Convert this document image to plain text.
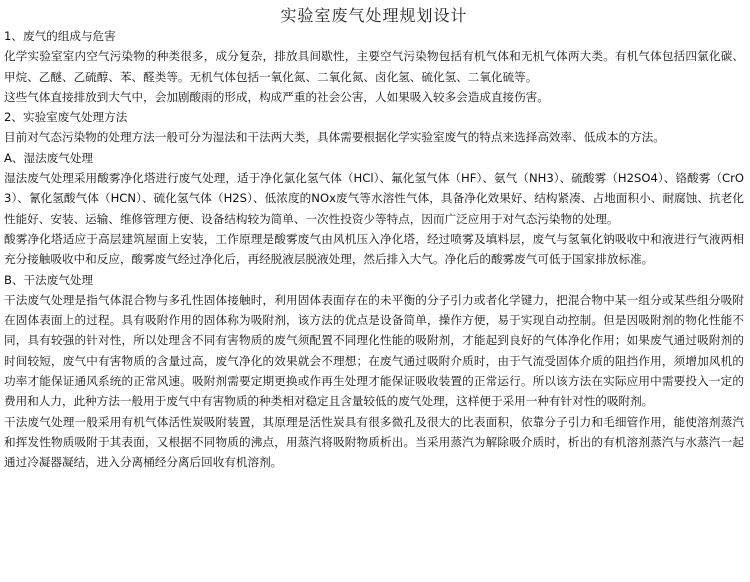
实验室废气处理规划设计
1、废气的组成与危害

化学实验室室内空气污染物的种类很多，成分复杂，排放具间歇性，主要空气污染物包括有机气体和无机气体两大类。有机气体包括四氯化碳、甲烷、乙醚、乙硫醇、苯、醛类等。无机气体包括一氧化氮、二氧化氮、卤化氢、硫化氢、二氧化硫等。

这些气体直接排放到大气中，会加剧酸雨的形成，构成严重的社会公害，人如果吸入较多会造成直接伤害。

2、实验室废气处理方法

目前对气态污染物的处理方法一般可分为湿法和干法两大类，具体需要根据化学实验室废气的特点来选择高效率、低成本的方法。

A、湿法废气处理

湿法废气处理采用酸雾净化塔进行废气处理，适于净化氯化氢气体（HCl）、氟化氢气体（HF）、氨气（NH3）、硫酸雾（H2SO4）、铬酸雾（CrO3）、氰化氢酸气体（HCN）、硫化氢气体（H2S）、低浓度的NOx废气等水溶性气体，具备净化效果好、结构紧凑、占地面积小、耐腐蚀、抗老化性能好、安装、运输、维修管理方便、设备结构较为简单、一次性投资少等特点，因而广泛应用于对气态污染物的处理。

酸雾净化塔适应于高层建筑屋面上安装，工作原理是酸雾废气由风机压入净化塔，经过喷雾及填料层，废气与氢氧化钠吸收中和液进行气液两相充分接触吸收中和反应，酸雾废气经过净化后，再经脱液层脱液处理，然后排入大气。净化后的酸雾废气可低于国家排放标准。

B、干法废气处理

干法废气处理是指气体混合物与多孔性固体接触时，利用固体表面存在的未平衡的分子引力或者化学键力，把混合物中某一组分或某些组分吸附在固体表面上的过程。具有吸附作用的固体称为吸附剂，该方法的优点是设备简单，操作方便，易于实现自动控制。但是因吸附剂的物化性能不同，具有较强的针对性，所以处理含不同有害物质的废气须配置不同理化性能的吸附剂，才能起到良好的气体净化作用；如果废气通过吸附剂的时间较短，废气中有害物质的含量过高，废气净化的效果就会不理想；在废气通过吸附介质时，由于气流受固体介质的阻挡作用，须增加风机的功率才能保证通风系统的正常风速。吸附剂需要定期更换或作再生处理才能保证吸收装置的正常运行。所以该方法在实际应用中需要投入一定的费用和人力，此种方法一般用于废气中有害物质的种类相对稳定且含量较低的废气处理，这样便于采用一种有针对性的吸附剂。

干法废气处理一般采用有机气体活性炭吸附装置，其原理是活性炭具有很多微孔及很大的比表面积，依靠分子引力和毛细管作用，能使溶剂蒸汽和挥发性物质吸附于其表面，又根据不同物质的沸点，用蒸汽将吸附物质析出。当采用蒸汽为解除吸介质时，析出的有机溶剂蒸汽与水蒸汽一起通过冷凝器凝结，进入分离桶经分离后回收有机溶剂。
